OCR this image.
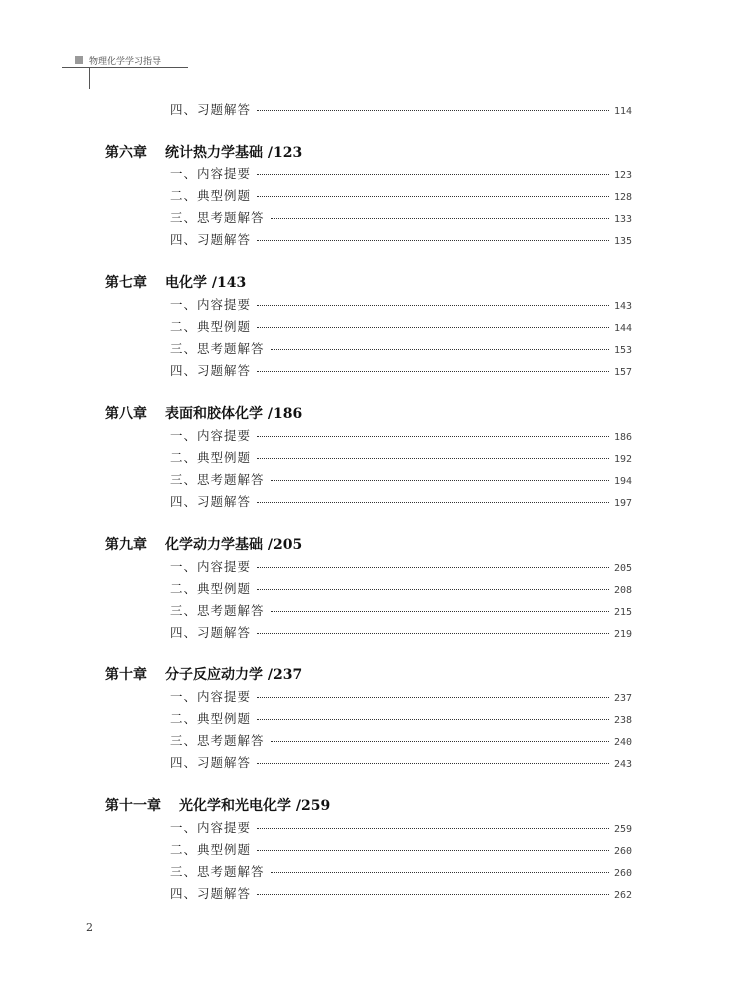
物理化学学习指导
四、习题解答	114
第六章 统计热力学基础 /123
一、内容提要	123
二、典型例题	128
三、思考题解答	133
四、习题解答	135
第七章 电化学 /143
一、内容提要	143
二、典型例题	144
三、思考题解答	153
四、习题解答	157
第八章 表面和胶体化学 /186
一、内容提要	186
二、典型例题	192
三、思考题解答	194
四、习题解答	197
第九章 化学动力学基础 /205
一、内容提要	205
二、典型例题	208
三、思考题解答	215
四、习题解答	219
第十章 分子反应动力学 /237
一、内容提要	237
二、典型例题	238
三、思考题解答	240
四、习题解答	243
第十一章 光化学和光电化学 /259
一、内容提要	259
二、典型例题	260
三、思考题解答	260
四、习题解答	262
2
